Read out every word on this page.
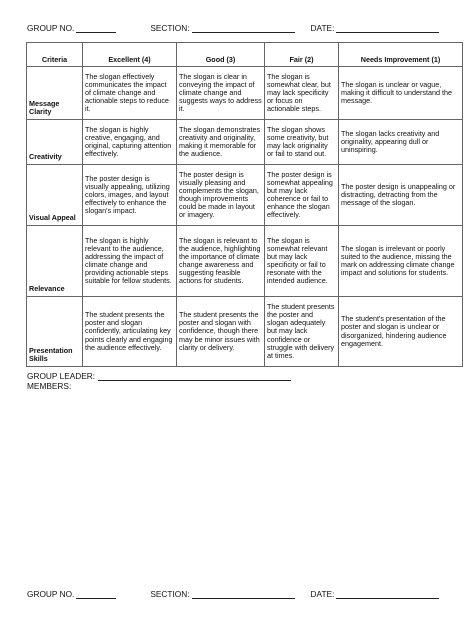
GROUP NO.	SECTION:	DATE:
Criteria	Excellent (4)	Good (3)	Fair (2)	Needs Improvement (1)
Message Clarity	The slogan effectively communicates the impact of climate change and actionable steps to reduce it.	The slogan is clear in conveying the impact of climate change and suggests ways to address it.	The slogan is somewhat clear, but may lack specificity or focus on actionable steps.	The slogan is unclear or vague, making it difficult to understand the message.
Creativity	The slogan is highly creative, engaging, and original, capturing attention effectively.	The slogan demonstrates creativity and originality, making it memorable for the audience.	The slogan shows some creativity, but may lack originality or fail to stand out.	The slogan lacks creativity and originality, appearing dull or uninspiring.
Visual Appeal	The poster design is visually appealing, utilizing colors, images, and layout effectively to enhance the slogan's impact.	The poster design is visually pleasing and complements the slogan, though improvements could be made in layout or imagery.	The poster design is somewhat appealing but may lack coherence or fail to enhance the slogan effectively.	The poster design is unappealing or distracting, detracting from the message of the slogan.
Relevance	The slogan is highly relevant to the audience, addressing the impact of climate change and providing actionable steps suitable for fellow students.	The slogan is relevant to the audience, highlighting the importance of climate change awareness and suggesting feasible actions for students.	The slogan is somewhat relevant but may lack specificity or fail to resonate with the intended audience.	The slogan is irrelevant or poorly suited to the audience, missing the mark on addressing climate change impact and solutions for students.
Presentation Skills	The student presents the poster and slogan confidently, articulating key points clearly and engaging the audience effectively.	The student presents the poster and slogan with confidence, though there may be minor issues with clarity or delivery.	The student presents the poster and slogan adequately but may lack confidence or struggle with delivery at times.	The student's presentation of the poster and slogan is unclear or disorganized, hindering audience engagement.
GROUP LEADER:
MEMBERS:
GROUP NO.	SECTION:	DATE:
